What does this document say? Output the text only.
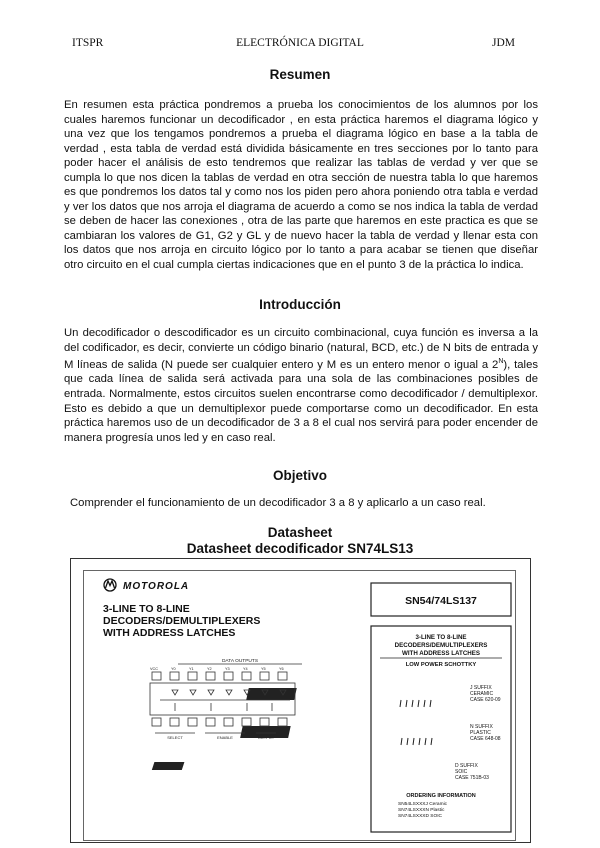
ITSPR	ELECTRÓNICA DIGITAL	JDM
Resumen

En resumen esta práctica pondremos a prueba los conocimientos de los alumnos por los cuales haremos funcionar un decodificador , en esta práctica haremos el diagrama lógico y una vez que los tengamos pondremos a prueba el diagrama lógico en base a la tabla de verdad , esta tabla de verdad está dividida básicamente en tres secciones por lo tanto para poder hacer el análisis de esto tendremos que realizar las tablas de verdad y ver que se cumpla lo que nos dicen la tablas de verdad en otra sección de nuestra tabla lo que haremos es que pondremos los datos tal y como nos los piden pero ahora poniendo otra tabla e verdad y ver los datos que nos arroja el diagrama de acuerdo a como se nos indica la tabla de verdad se deben de hacer las conexiones , otra de las parte que haremos en este practica es que se cambiaran los valores de G1, G2 y GL y de nuevo hacer la tabla de verdad y llenar esta con los datos que nos arroja en circuito lógico por lo tanto a para acabar se tienen que diseñar otro circuito en el cual cumpla ciertas indicaciones que en el punto 3 de la práctica lo indica.

Introducción

Un decodificador o descodificador es un circuito combinacional, cuya función es inversa a la del codificador, es decir, convierte un código binario (natural, BCD, etc.) de N bits de entrada y M líneas de salida (N puede ser cualquier entero y M es un entero menor o igual a $2^N$), tales que cada línea de salida será activada para una sola de las combinaciones posibles de entrada. Normalmente, estos circuitos suelen encontrarse como decodificador / demultiplexor. Esto es debido a que un demultiplexor puede comportarse como un decodificador. En esta práctica haremos uso de un decodificador de 3 a 8 el cual nos servirá para poder encender de manera progresía unos led y en caso real.

Objetivo

Comprender el funcionamiento de un decodificador 3 a 8 y aplicarlo a un caso real.

Datasheet
Datasheet decodificador SN74LS13
MOTOROLA
3-LINE TO 8-LINE
DECODERS/DEMULTIPLEXERS
WITH ADDRESS LATCHES
SN54/74LS137
3-LINE TO 8-LINE
DECODERS/DEMULTIPLEXERS
WITH ADDRESS LATCHES
LOW POWER SCHOTTKY
J SUFFIX
CERAMIC
CASE 620-09
N SUFFIX
PLASTIC
CASE 648-08
D SUFFIX
SOIC
CASE 751B-03
ORDERING INFORMATION
SN54LSXXXJ Ceramic
SN74LSXXXN Plastic
SN74LSXXXD SOIC
DATA OUTPUTS
VCC	Y0	Y1	Y2	Y3	Y4	Y5	Y6
SELECT	ENABLE	OUTPUT
